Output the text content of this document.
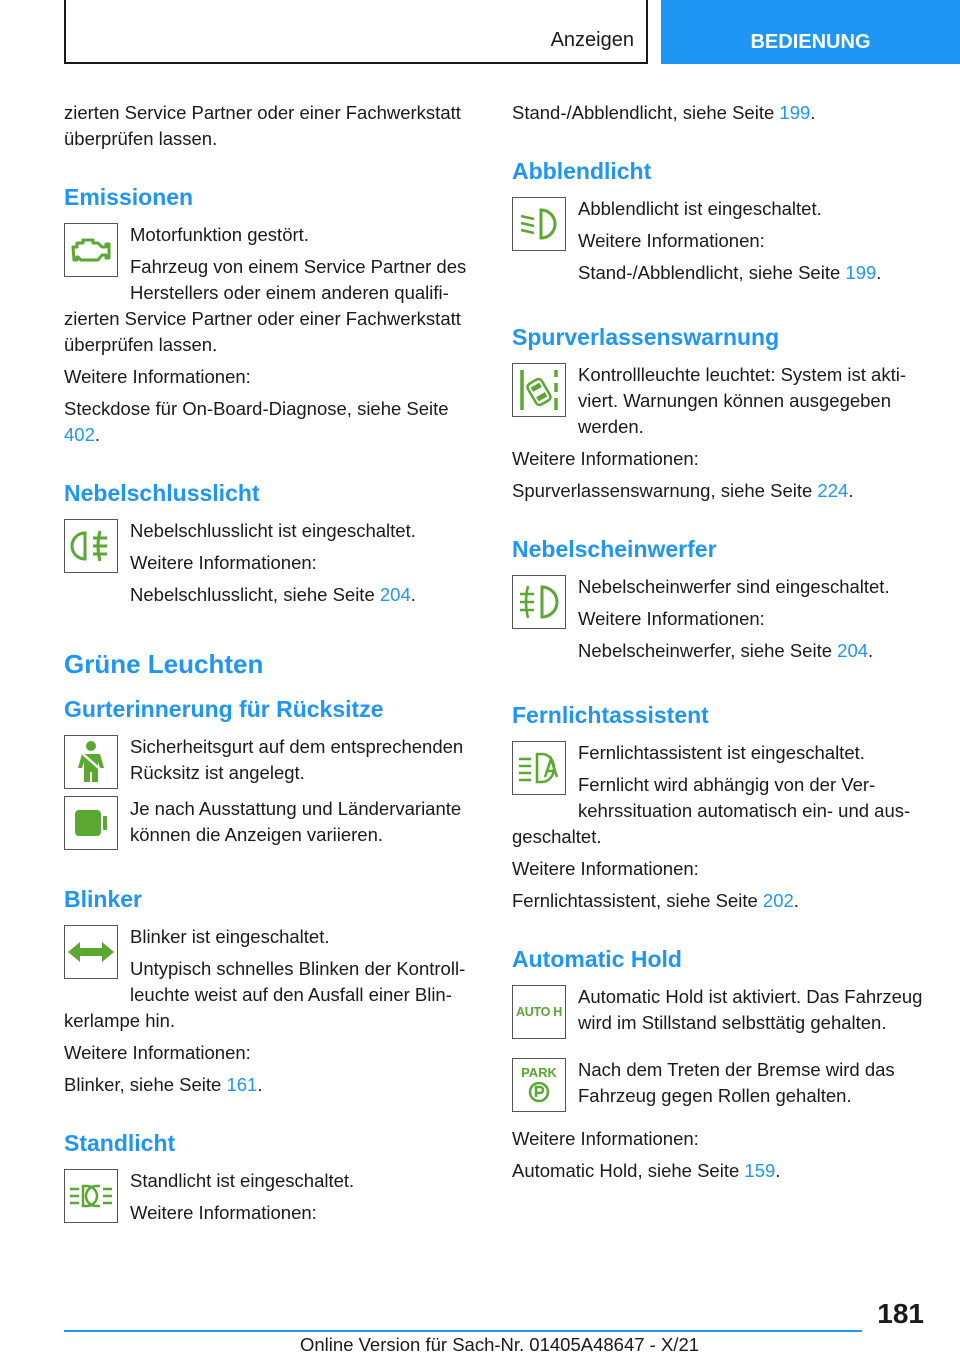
Anzeigen	BEDIENUNG

zierten Service Partner oder einer Fachwerkstatt überprüfen lassen.

Emissionen

Motorfunktion gestört.

Fahrzeug von einem Service Partner des Herstellers oder einem anderen qualifizierten Service Partner oder einer Fachwerkstatt überprüfen lassen.

Weitere Informationen:

Steckdose für On-Board-Diagnose, siehe Seite 402.

Nebelschlusslicht

Nebelschlusslicht ist eingeschaltet.

Weitere Informationen:

Nebelschlusslicht, siehe Seite 204.

Grüne Leuchten
Gurterinnerung für Rücksitze

Sicherheitsgurt auf dem entsprechenden Rücksitz ist angelegt.

Je nach Ausstattung und Ländervariante können die Anzeigen variieren.

Blinker

Blinker ist eingeschaltet.

Untypisch schnelles Blinken der Kontrollleuchte weist auf den Ausfall einer Blinkerlampe hin.

Weitere Informationen:

Blinker, siehe Seite 161.

Standlicht

Standlicht ist eingeschaltet.

Weitere Informationen:

Stand-/Abblendlicht, siehe Seite 199.

Abblendlicht

Abblendlicht ist eingeschaltet.

Weitere Informationen:

Stand-/Abblendlicht, siehe Seite 199.

Spurverlassenswarnung

Kontrollleuchte leuchtet: System ist aktiviert. Warnungen können ausgegeben werden.

Weitere Informationen:

Spurverlassenswarnung, siehe Seite 224.

Nebelscheinwerfer

Nebelscheinwerfer sind eingeschaltet.

Weitere Informationen:

Nebelscheinwerfer, siehe Seite 204.

Fernlichtassistent

Fernlichtassistent ist eingeschaltet.

Fernlicht wird abhängig von der Verkehrssituation automatisch ein- und ausgeschaltet.

Weitere Informationen:

Fernlichtassistent, siehe Seite 202.

Automatic Hold
AUTO H

Automatic Hold ist aktiviert. Das Fahrzeug wird im Stillstand selbsttätig gehalten.

PARK	Nach dem Treten der Bremse wird das Fahrzeug gegen Rollen gehalten.

Weitere Informationen:

Automatic Hold, siehe Seite 159.

181
Online Version für Sach-Nr. 01405A48647 - X/21
